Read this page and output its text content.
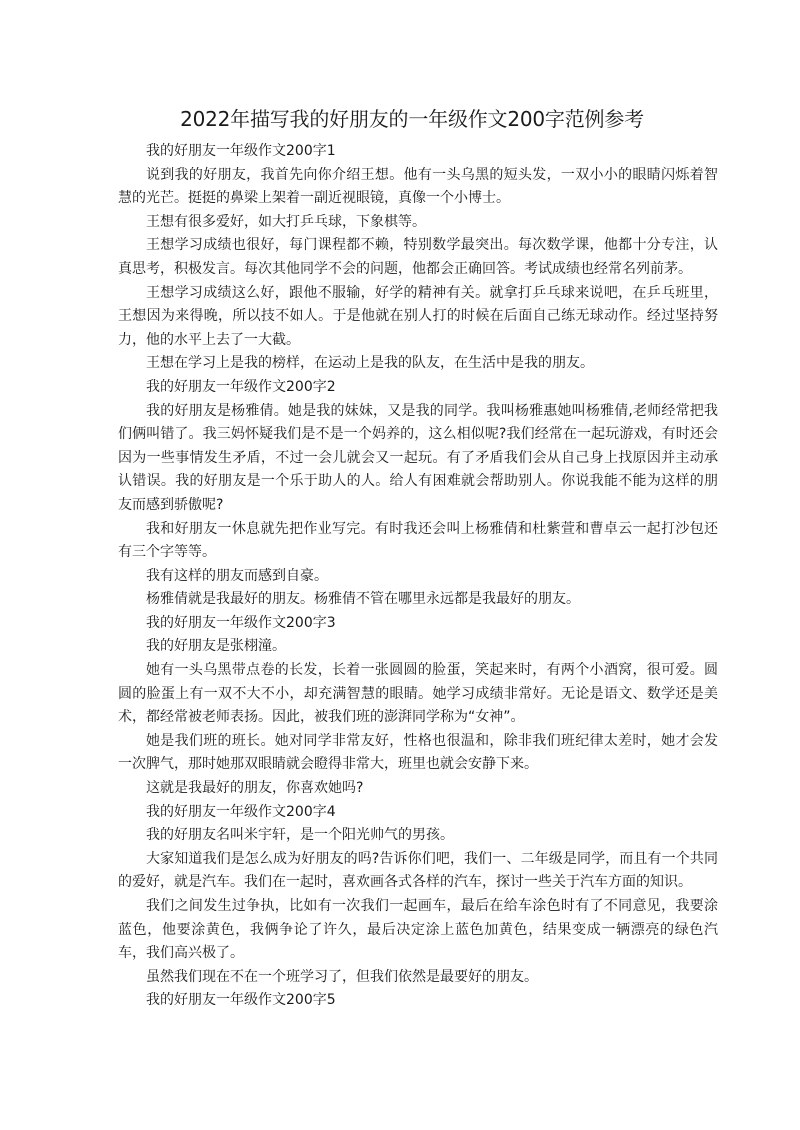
2022年描写我的好朋友的一年级作文200字范例参考

我的好朋友一年级作文200字1

说到我的好朋友，我首先向你介绍王想。他有一头乌黑的短头发，一双小小的眼睛闪烁着智慧的光芒。挺挺的鼻梁上架着一副近视眼镜，真像一个小博士。

王想有很多爱好，如大打乒乓球，下象棋等。

王想学习成绩也很好，每门课程都不赖，特别数学最突出。每次数学课，他都十分专注，认真思考，积极发言。每次其他同学不会的问题，他都会正确回答。考试成绩也经常名列前茅。

王想学习成绩这么好，跟他不服输，好学的精神有关。就拿打乒乓球来说吧，在乒乓班里，王想因为来得晚，所以技不如人。于是他就在别人打的时候在后面自己练无球动作。经过坚持努力，他的水平上去了一大截。

王想在学习上是我的榜样，在运动上是我的队友，在生活中是我的朋友。

我的好朋友一年级作文200字2

我的好朋友是杨雅倩。她是我的妹妹，又是我的同学。我叫杨雅惠她叫杨雅倩,老师经常把我们俩叫错了。我三妈怀疑我们是不是一个妈养的，这么相似呢?我们经常在一起玩游戏，有时还会因为一些事情发生矛盾，不过一会儿就会又一起玩。有了矛盾我们会从自己身上找原因并主动承认错误。我的好朋友是一个乐于助人的人。给人有困难就会帮助别人。你说我能不能为这样的朋友而感到骄傲呢?

我和好朋友一休息就先把作业写完。有时我还会叫上杨雅倩和杜紫萱和曹卓云一起打沙包还有三个字等等。

我有这样的朋友而感到自豪。

杨雅倩就是我最好的朋友。杨雅倩不管在哪里永远都是我最好的朋友。

我的好朋友一年级作文200字3

我的好朋友是张栩潼。

她有一头乌黑带点卷的长发，长着一张圆圆的脸蛋，笑起来时，有两个小酒窝，很可爱。圆圆的脸蛋上有一双不大不小，却充满智慧的眼睛。她学习成绩非常好。无论是语文、数学还是美术，都经常被老师表扬。因此，被我们班的澎湃同学称为“女神”。

她是我们班的班长。她对同学非常友好，性格也很温和，除非我们班纪律太差时，她才会发一次脾气，那时她那双眼睛就会瞪得非常大，班里也就会安静下来。

这就是我最好的朋友，你喜欢她吗?

我的好朋友一年级作文200字4

我的好朋友名叫米宇轩，是一个阳光帅气的男孩。

大家知道我们是怎么成为好朋友的吗?告诉你们吧，我们一、二年级是同学，而且有一个共同的爱好，就是汽车。我们在一起时，喜欢画各式各样的汽车，探讨一些关于汽车方面的知识。

我们之间发生过争执，比如有一次我们一起画车，最后在给车涂色时有了不同意见，我要涂蓝色，他要涂黄色，我俩争论了许久，最后决定涂上蓝色加黄色，结果变成一辆漂亮的绿色汽车，我们高兴极了。

虽然我们现在不在一个班学习了，但我们依然是最要好的朋友。

我的好朋友一年级作文200字5
